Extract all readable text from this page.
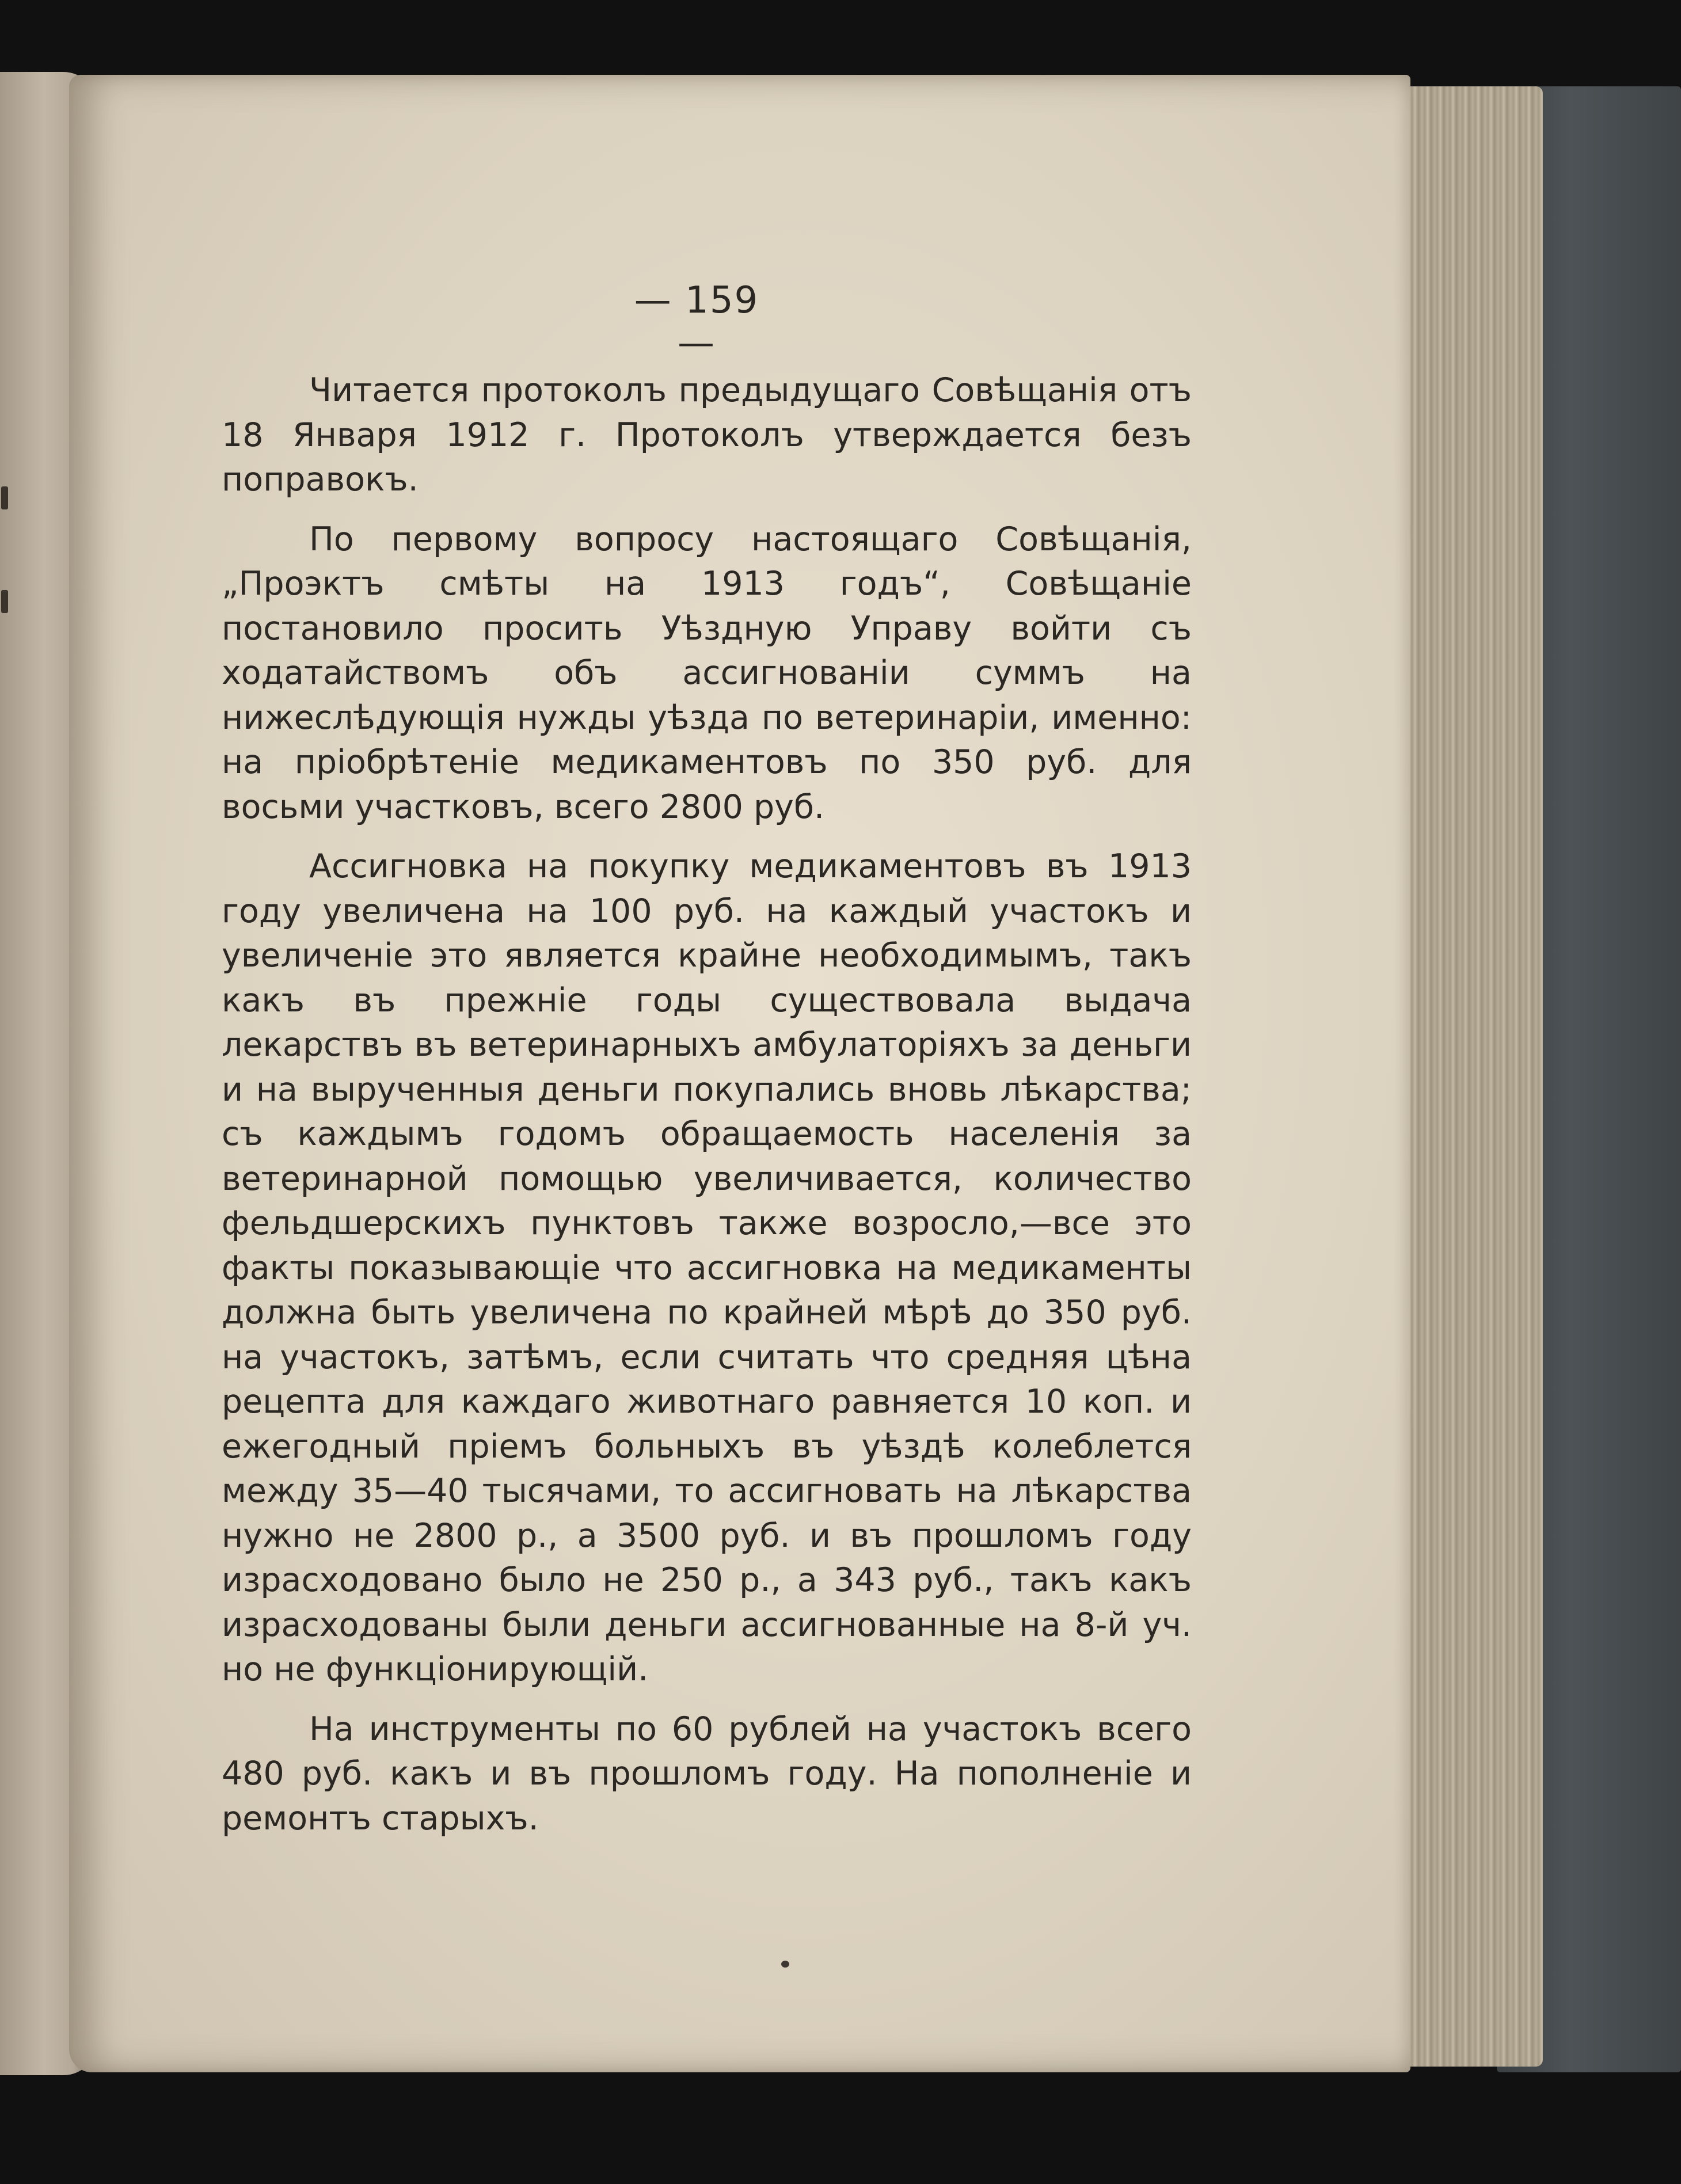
— 159 —

Читается протоколъ предыдущаго Совѣщанія отъ 18 Января 1912 г. Протоколъ утверждается безъ поправокъ.

По первому вопросу настоящаго Совѣщанія, „Проэктъ смѣты на 1913 годъ“, Совѣщаніе постановило просить Уѣздную Управу войти съ ходатайствомъ объ ассигнованіи суммъ на нижеслѣдующія нужды уѣзда по ветеринаріи, именно: на пріобрѣтеніе медикаментовъ по 350 руб. для восьми участковъ, всего 2800 руб.

Ассигновка на покупку медикаментовъ въ 1913 году увеличена на 100 руб. на каждый участокъ и увеличеніе это является крайне необходимымъ, такъ какъ въ прежніе годы существовала выдача лекарствъ въ ветеринарныхъ амбулаторіяхъ за деньги и на вырученныя деньги покупались вновь лѣкарства; съ каждымъ годомъ обращаемость населенія за ветеринарной помощью увеличивается, количество фельдшерскихъ пунктовъ также возросло,—все это факты показывающіе что ассигновка на медикаменты должна быть увеличена по крайней мѣрѣ до 350 руб. на участокъ, затѣмъ, если считать что средняя цѣна рецепта для каждаго животнаго равняется 10 коп. и ежегодный пріемъ больныхъ въ уѣздѣ колеблется между 35—40 тысячами, то ассигновать на лѣкарства нужно не 2800 р., а 3500 руб. и въ прошломъ году израсходовано было не 250 р., а 343 руб., такъ какъ израсходованы были деньги ассигнованные на 8-й уч. но не функціонирующій.

На инструменты по 60 рублей на участокъ всего 480 руб. какъ и въ прошломъ году. На пополненіе и ремонтъ старыхъ.
